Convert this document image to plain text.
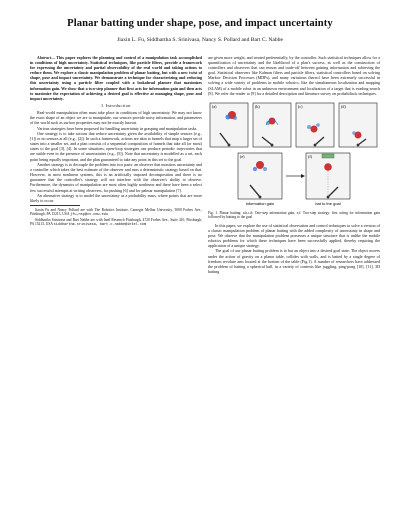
Planar batting under shape, pose, and impact uncertainty
Jiaxin L. Fu, Siddhartha S. Srinivasa, Nancy S. Pollard and Bart C. Nabbe
Abstract— This paper explores the planning and control of a manipulation task accomplished in conditions of high uncertainty. Statistical techniques, like particle filters, provide a framework for expressing the uncertainty and partial observability of the real world and taking actions to reduce them. We explore a classic manipulation problem of planar batting, but with a new twist of shape, pose and impact uncertainty. We demonstrate a technique for characterizing and reducing this uncertainty using a particle filter coupled with a lookahead planner that maximizes information gain. We show that a two-step planner that first acts for information gain and then acts to maximize the expectation of achieving a desired goal is effective at managing shape, pose and impact uncertainty.
I. Introduction
Real-world manipulation often must take place in conditions of high uncertainty. We may not know the exact shape of an object we are to manipulate, our sensors provide noisy information, and parameters of the world such as surface properties may not be exactly known.
Various strategies have been proposed for handling uncertainty in grasping and manipulation tasks.
One strategy is to take actions that reduce uncertainty given the availability of simple sensors (e.g., [1]) or no sensors at all (e.g., [2]). In such a framework, actions are akin to funnels that map a larger set of states into a smaller set, and a plan consists of a sequential composition of funnels that take all (or most) states to the goal [3], [4]. In some situations, open-loop strategies can produce periodic trajectories that are stable even in the presence of uncertainties (e.g., [5]). Note that uncertainty is modelled as a set, each point being equally important, and the plan guaranteed to take any point in this set to the goal.
Another strategy is to decouple the problem into two parts: an observer that monitors uncertainty and a controller which takes the best estimate of the observer and runs a deterministic strategy based on that. However, in most nonlinear systems, this is an artificially imposed decomposition and there is no guarantee that the controller's strategy will not interfere with the observer's ability to observe. Furthermore, the dynamics of manipulation are most often highly nonlinear and there have been a select few successful attempts at writing observers, for pushing [6] and for palmar manipulation [7].
An alternative strategy is to model the uncertainty as a probability mass, where points that are more likely to occur
Jiaxin Fu and Nancy Pollard are with The Robotics Institute, Carnegie Mellon University, 5000 Forbes Ave., Pittsburgh, PA 15213, USA jfu,nsp@cs.cmu.edu
Siddhartha Srinivasa and Bart Nabbe are with Intel Research Pittsburgh, 4720 Forbes Ave., Suite 410, Pittsburgh, PA 15213, USA siddhartha.srinivasa, bart.c.nabbe@intel.com
are given more weight, and treated preferentially, by the controller. Such statistical techniques allow for a quantification of uncertainty and the likelihood of a plan's success, as well as the construction of controllers and observers that can reason and trade-off between gaining information and achieving the goal. Statistical observers like Kalman filters and particle filters, statistical controllers based on solving Markov Decision Processes (MDPs), and many variations thereof have been extremely successful in solving a wide variety of problems in mobile robotics, like the simultaneous localization and mapping (SLAM) of a mobile robot in an unknown environment and localization of a target that is evading search [8]. We refer the reader to [9] for a detailed description and literature survey on probabilistic techniques.
(a)	(b)	(c)	(d)
(e)	(f)
information gain	bat to the goal
Fig. 1. Planar batting: a,b,c,d: One-step information gain, e,f: Two-step strategy: first acting for information gain followed by batting to the goal
In this paper, we explore the use of statistical observation and control techniques to solve a version of a classic manipulation problem of planar batting with the added complexity of uncertainty in shape and pose. We observe that the manipulation problem possesses a unique structure that is unlike the mobile robotics problems for which these techniques have been successfully applied, thereby requiring the application of a unique strategy.
The goal of our planar batting problem is to bat an object into a desired goal state. The object moves under the action of gravity on a planar table, collides with walls, and is batted by a single degree of freedom revolute arm located at the bottom of the table (Fig.1). A number of researchers have addressed the problem of batting a spherical ball, in a variety of contexts like juggling, ping-pong [10], [11], 3D batting
